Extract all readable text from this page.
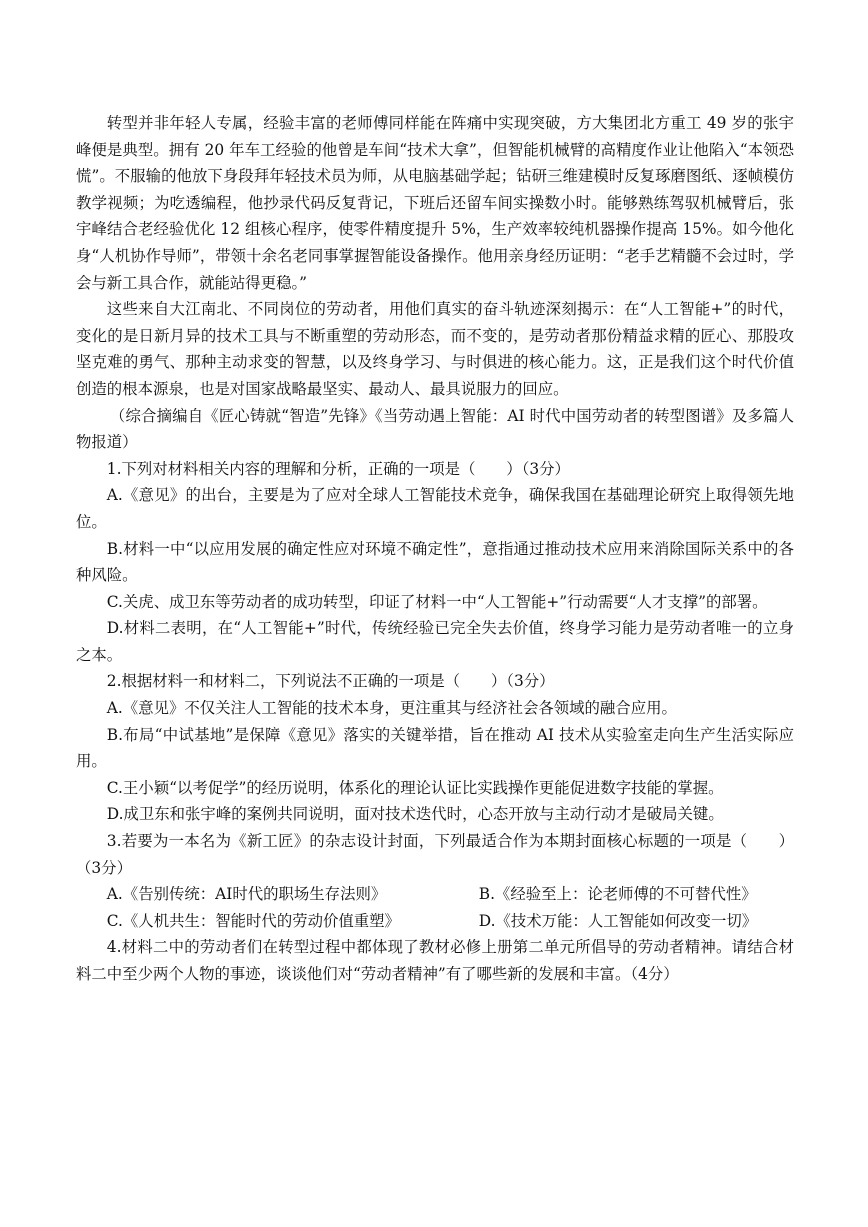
转型并非年轻人专属，经验丰富的老师傅同样能在阵痛中实现突破，方大集团北方重工 49 岁的张宇峰便是典型。拥有 20 年车工经验的他曾是车间“技术大拿”，但智能机械臂的高精度作业让他陷入“本领恐慌”。不服输的他放下身段拜年轻技术员为师，从电脑基础学起；钻研三维建模时反复琢磨图纸、逐帧模仿教学视频；为吃透编程，他抄录代码反复背记，下班后还留车间实操数小时。能够熟练驾驭机械臂后，张宇峰结合老经验优化 12 组核心程序，使零件精度提升 5%，生产效率较纯机器操作提高 15%。如今他化身“人机协作导师”，带领十余名老同事掌握智能设备操作。他用亲身经历证明：“老手艺精髓不会过时，学会与新工具合作，就能站得更稳。”

这些来自大江南北、不同岗位的劳动者，用他们真实的奋斗轨迹深刻揭示：在“人工智能+”的时代，变化的是日新月异的技术工具与不断重塑的劳动形态，而不变的，是劳动者那份精益求精的匠心、那股攻坚克难的勇气、那种主动求变的智慧，以及终身学习、与时俱进的核心能力。这，正是我们这个时代价值创造的根本源泉，也是对国家战略最坚实、最动人、最具说服力的回应。

（综合摘编自《匠心铸就“智造”先锋》《当劳动遇上智能：AI 时代中国劳动者的转型图谱》及多篇人物报道）

1.下列对材料相关内容的理解和分析，正确的一项是（　　）（3分）

A.《意见》的出台，主要是为了应对全球人工智能技术竞争，确保我国在基础理论研究上取得领先地位。

B.材料一中“以应用发展的确定性应对环境不确定性”，意指通过推动技术应用来消除国际关系中的各种风险。

C.关虎、成卫东等劳动者的成功转型，印证了材料一中“人工智能+”行动需要“人才支撑”的部署。

D.材料二表明，在“人工智能+”时代，传统经验已完全失去价值，终身学习能力是劳动者唯一的立身之本。

2.根据材料一和材料二，下列说法不正确的一项是（　　）（3分）

A.《意见》不仅关注人工智能的技术本身，更注重其与经济社会各领域的融合应用。

B.布局“中试基地”是保障《意见》落实的关键举措，旨在推动 AI 技术从实验室走向生产生活实际应用。

C.王小颖“以考促学”的经历说明，体系化的理论认证比实践操作更能促进数字技能的掌握。

D.成卫东和张宇峰的案例共同说明，面对技术迭代时，心态开放与主动行动才是破局关键。

3.若要为一本名为《新工匠》的杂志设计封面，下列最适合作为本期封面核心标题的一项是（　　）（3分）

A.《告别传统：AI时代的职场生存法则》	B.《经验至上：论老师傅的不可替代性》
C.《人机共生：智能时代的劳动价值重塑》	D.《技术万能：人工智能如何改变一切》

4.材料二中的劳动者们在转型过程中都体现了教材必修上册第二单元所倡导的劳动者精神。请结合材料二中至少两个人物的事迹，谈谈他们对“劳动者精神”有了哪些新的发展和丰富。（4分）
